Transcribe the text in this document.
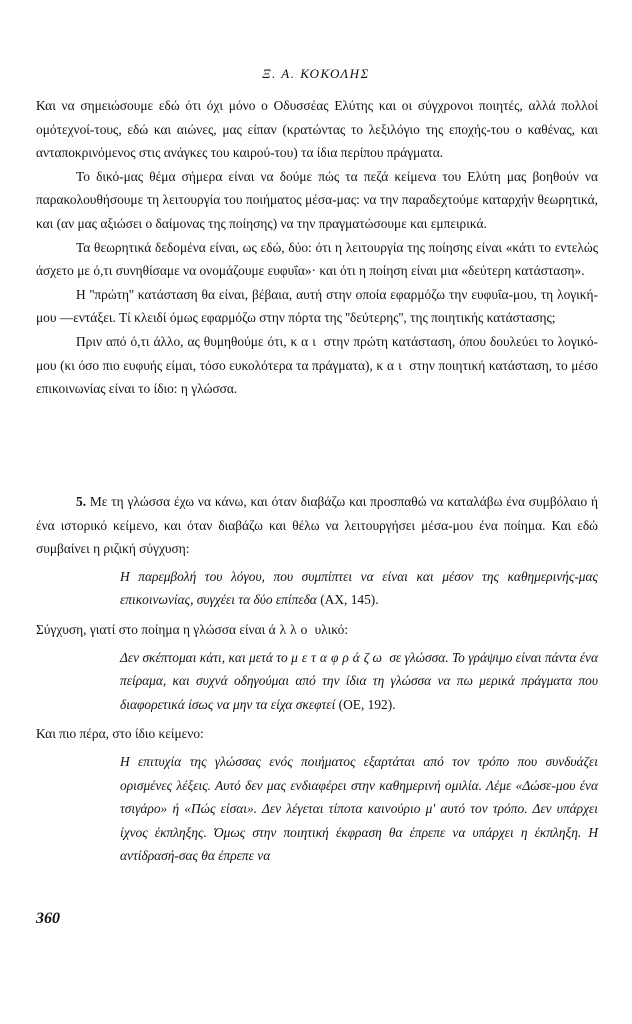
Ξ. Α. ΚΟΚΟΛΗΣ

Και να σημειώσουμε εδώ ότι όχι μόνο ο Οδυσσέας Ελύτης και οι σύγχρονοι ποιητές, αλλά πολλοί ομότεχνοί-τους, εδώ και αιώνες, μας είπαν (κρατώντας το λεξιλόγιο της εποχής-του ο καθένας, και ανταποκρινόμενος στις ανάγκες του καιρού-του) τα ίδια περίπου πράγματα.

Το δικό-μας θέμα σήμερα είναι να δούμε πώς τα πεζά κείμενα του Ελύτη μας βοηθούν να παρακολουθήσουμε τη λειτουργία του ποιήματος μέσα-μας: να την παραδεχτούμε καταρχήν θεωρητικά, και (αν μας αξιώσει ο δαίμονας της ποίησης) να την πραγματώσουμε και εμπειρικά.

Τα θεωρητικά δεδομένα είναι, ως εδώ, δύο: ότι η λειτουργία της ποίησης είναι «κάτι το εντελώς άσχετο με ό,τι συνηθίσαμε να ονομάζουμε ευφυΐα»· και ότι η ποίηση είναι μια «δεύτερη κατάσταση».

Η ''πρώτη'' κατάσταση θα είναι, βέβαια, αυτή στην οποία εφαρμόζω την ευφυΐα-μου, τη λογική-μου —εντάξει. Τί κλειδί όμως εφαρμόζω στην πόρτα της ''δεύτερης'', της ποιητικής κατάστασης;

Πριν από ό,τι άλλο, ας θυμηθούμε ότι, και στην πρώτη κατάσταση, όπου δουλεύει το λογικό-μου (κι όσο πιο ευφυής είμαι, τόσο ευκολότερα τα πράγματα), και στην ποιητική κατάσταση, το μέσο επικοινωνίας είναι το ίδιο: η γλώσσα.

5. Με τη γλώσσα έχω να κάνω, και όταν διαβάζω και προσπαθώ να καταλάβω ένα συμβόλαιο ή ένα ιστορικό κείμενο, και όταν διαβάζω και θέλω να λειτουργήσει μέσα-μου ένα ποίημα. Και εδώ συμβαίνει η ριζική σύγχυση:

Η παρεμβολή του λόγου, που συμπίπτει να είναι και μέσον της καθημερινής-μας επικοινωνίας, συγχέει τα δύο επίπεδα (ΑΧ, 145).

Σύγχυση, γιατί στο ποίημα η γλώσσα είναι άλλο υλικό:

Δεν σκέπτομαι κάτι, και μετά το μεταφράζω σε γλώσσα. Το γράψιμο είναι πάντα ένα πείραμα, και συχνά οδηγούμαι από την ίδια τη γλώσσα να πω μερικά πράγματα που διαφορετικά ίσως να μην τα είχα σκεφτεί (ΟΕ, 192).

Και πιο πέρα, στο ίδιο κείμενο:

Η επιτυχία της γλώσσας ενός ποιήματος εξαρτάται από τον τρόπο που συνδυάζει ορισμένες λέξεις. Αυτό δεν μας ενδιαφέρει στην καθημερινή ομιλία. Λέμε «Δώσε-μου ένα τσιγάρο» ή «Πώς είσαι». Δεν λέγεται τίποτα καινούριο μ' αυτό τον τρόπο. Δεν υπάρχει ίχνος έκπληξης. Όμως στην ποιητική έκφραση θα έπρεπε να υπάρχει η έκπληξη. Η αντίδρασή-σας θα έπρεπε να

360
